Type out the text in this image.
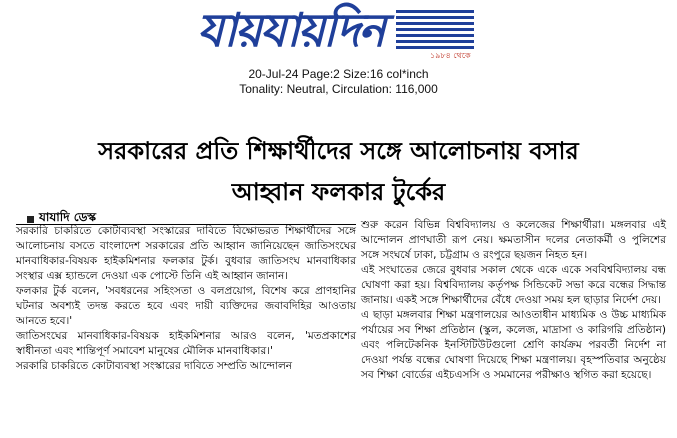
যায়যায়দিন	১৯৮৪ থেকে
20-Jul-24 Page:2 Size:16 col*inch
Tonality: Neutral, Circulation: 116,000
সরকারের প্রতি শিক্ষার্থীদের সঙ্গে আলোচনায় বসার
আহ্বান ফলকার টুর্কের
যাযাদি ডেস্ক

সরকারি চাকরিতে কোটাব্যবস্থা সংস্কারের দাবিতে বিক্ষোভরত শিক্ষার্থীদের সঙ্গে আলোচনায় বসতে বাংলাদেশ সরকারের প্রতি আহ্বান জানিয়েছেন জাতিসংঘের মানবাধিকার-বিষয়ক হাইকমিশনার ফলকার টুর্ক। বুধবার জাতিসংঘ মানবাধিকার সংস্থার এক্স হ্যান্ডলে দেওয়া এক পোস্টে তিনি এই আহ্বান জানান।

ফলকার টুর্ক বলেন, 'সবধরনের সহিংসতা ও বলপ্রয়োগ, বিশেষ করে প্রাণহানির ঘটনার অবশ্যই তদন্ত করতে হবে এবং দায়ী ব্যক্তিদের জবাবদিহির আওতায় আনতে হবে।'

জাতিসংঘের মানবাধিকার-বিষয়ক হাইকমিশনার আরও বলেন, 'মতপ্রকাশের স্বাধীনতা এবং শান্তিপূর্ণ সমাবেশ মানুষের মৌলিক মানবাধিকার।'

সরকারি চাকরিতে কোটাব্যবস্থা সংস্কারের দাবিতে সম্প্রতি আন্দোলন

শুরু করেন বিভিন্ন বিশ্ববিদ্যালয় ও কলেজের শিক্ষার্থীরা। মঙ্গলবার এই আন্দোলন প্রাণঘাতী রূপ নেয়। ক্ষমতাসীন দলের নেতাকর্মী ও পুলিশের সঙ্গে সংঘর্ষে ঢাকা, চট্টগ্রাম ও রংপুরে ছয়জন নিহত হন।

এই সংঘাতের জেরে বুধবার সকাল থেকে একে একে সববিশ্ববিদ্যালয় বন্ধ ঘোষণা করা হয়। বিশ্ববিদ্যালয় কর্তৃপক্ষ সিন্ডিকেট সভা করে বন্ধের সিদ্ধান্ত জানায়। একই সঙ্গে শিক্ষার্থীদের বেঁধে দেওয়া সময় হল ছাড়ার নির্দেশ দেয়।

এ ছাড়া মঙ্গলবার শিক্ষা মন্ত্রণালয়ের আওতাধীন মাধ্যমিক ও উচ্চ মাধ্যমিক পর্যায়ের সব শিক্ষা প্রতিষ্ঠান (স্কুল, কলেজ, মাদ্রাসা ও কারিগরি প্রতিষ্ঠান) এবং পলিটেকনিক ইনস্টিটিউটগুলো শ্রেণি কার্যক্রম পরবর্তী নির্দেশ না দেওয়া পর্যন্ত বন্ধের ঘোষণা দিয়েছে শিক্ষা মন্ত্রণালয়। বৃহস্পতিবার অনুষ্ঠেয় সব শিক্ষা বোর্ডের এইচএসসি ও সমমানের পরীক্ষাও স্থগিত করা হয়েছে।
